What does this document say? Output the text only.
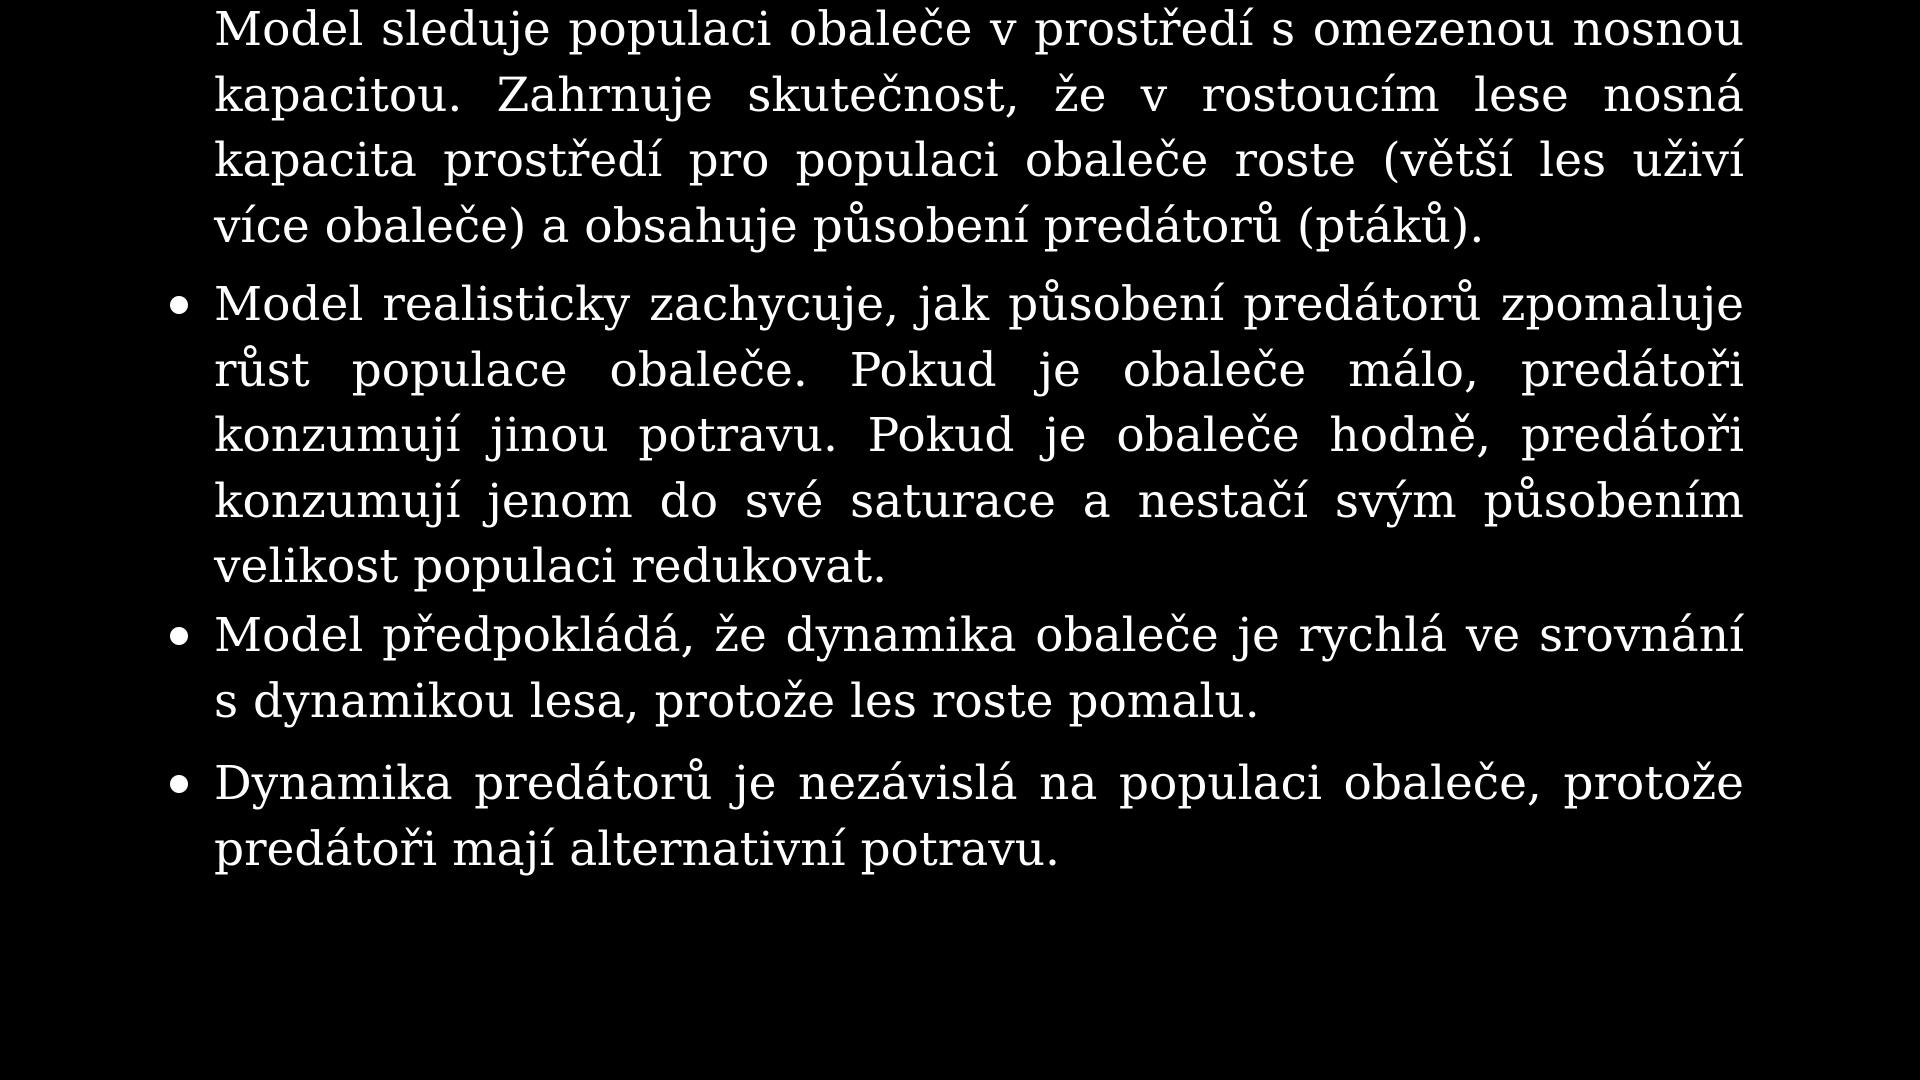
Model sleduje populaci obaleče v prostředí s omezenou nosnou kapacitou. Zahrnuje skutečnost, že v rostoucím lese nosná kapacita prostředí pro populaci obaleče roste (větší les uživí více obaleče) a obsahuje působení predátorů (ptáků).

Model realisticky zachycuje, jak působení predátorů zpomaluje růst populace obaleče. Pokud je obaleče málo, predátoři konzumují jinou potravu. Pokud je obaleče hodně, predátoři konzumují jenom do své saturace a nestačí svým působením velikost populaci redukovat.

Model předpokládá, že dynamika obaleče je rychlá ve srovnání s dynamikou lesa, protože les roste pomalu.

Dynamika predátorů je nezávislá na populaci obaleče, protože predátoři mají alternativní potravu.
